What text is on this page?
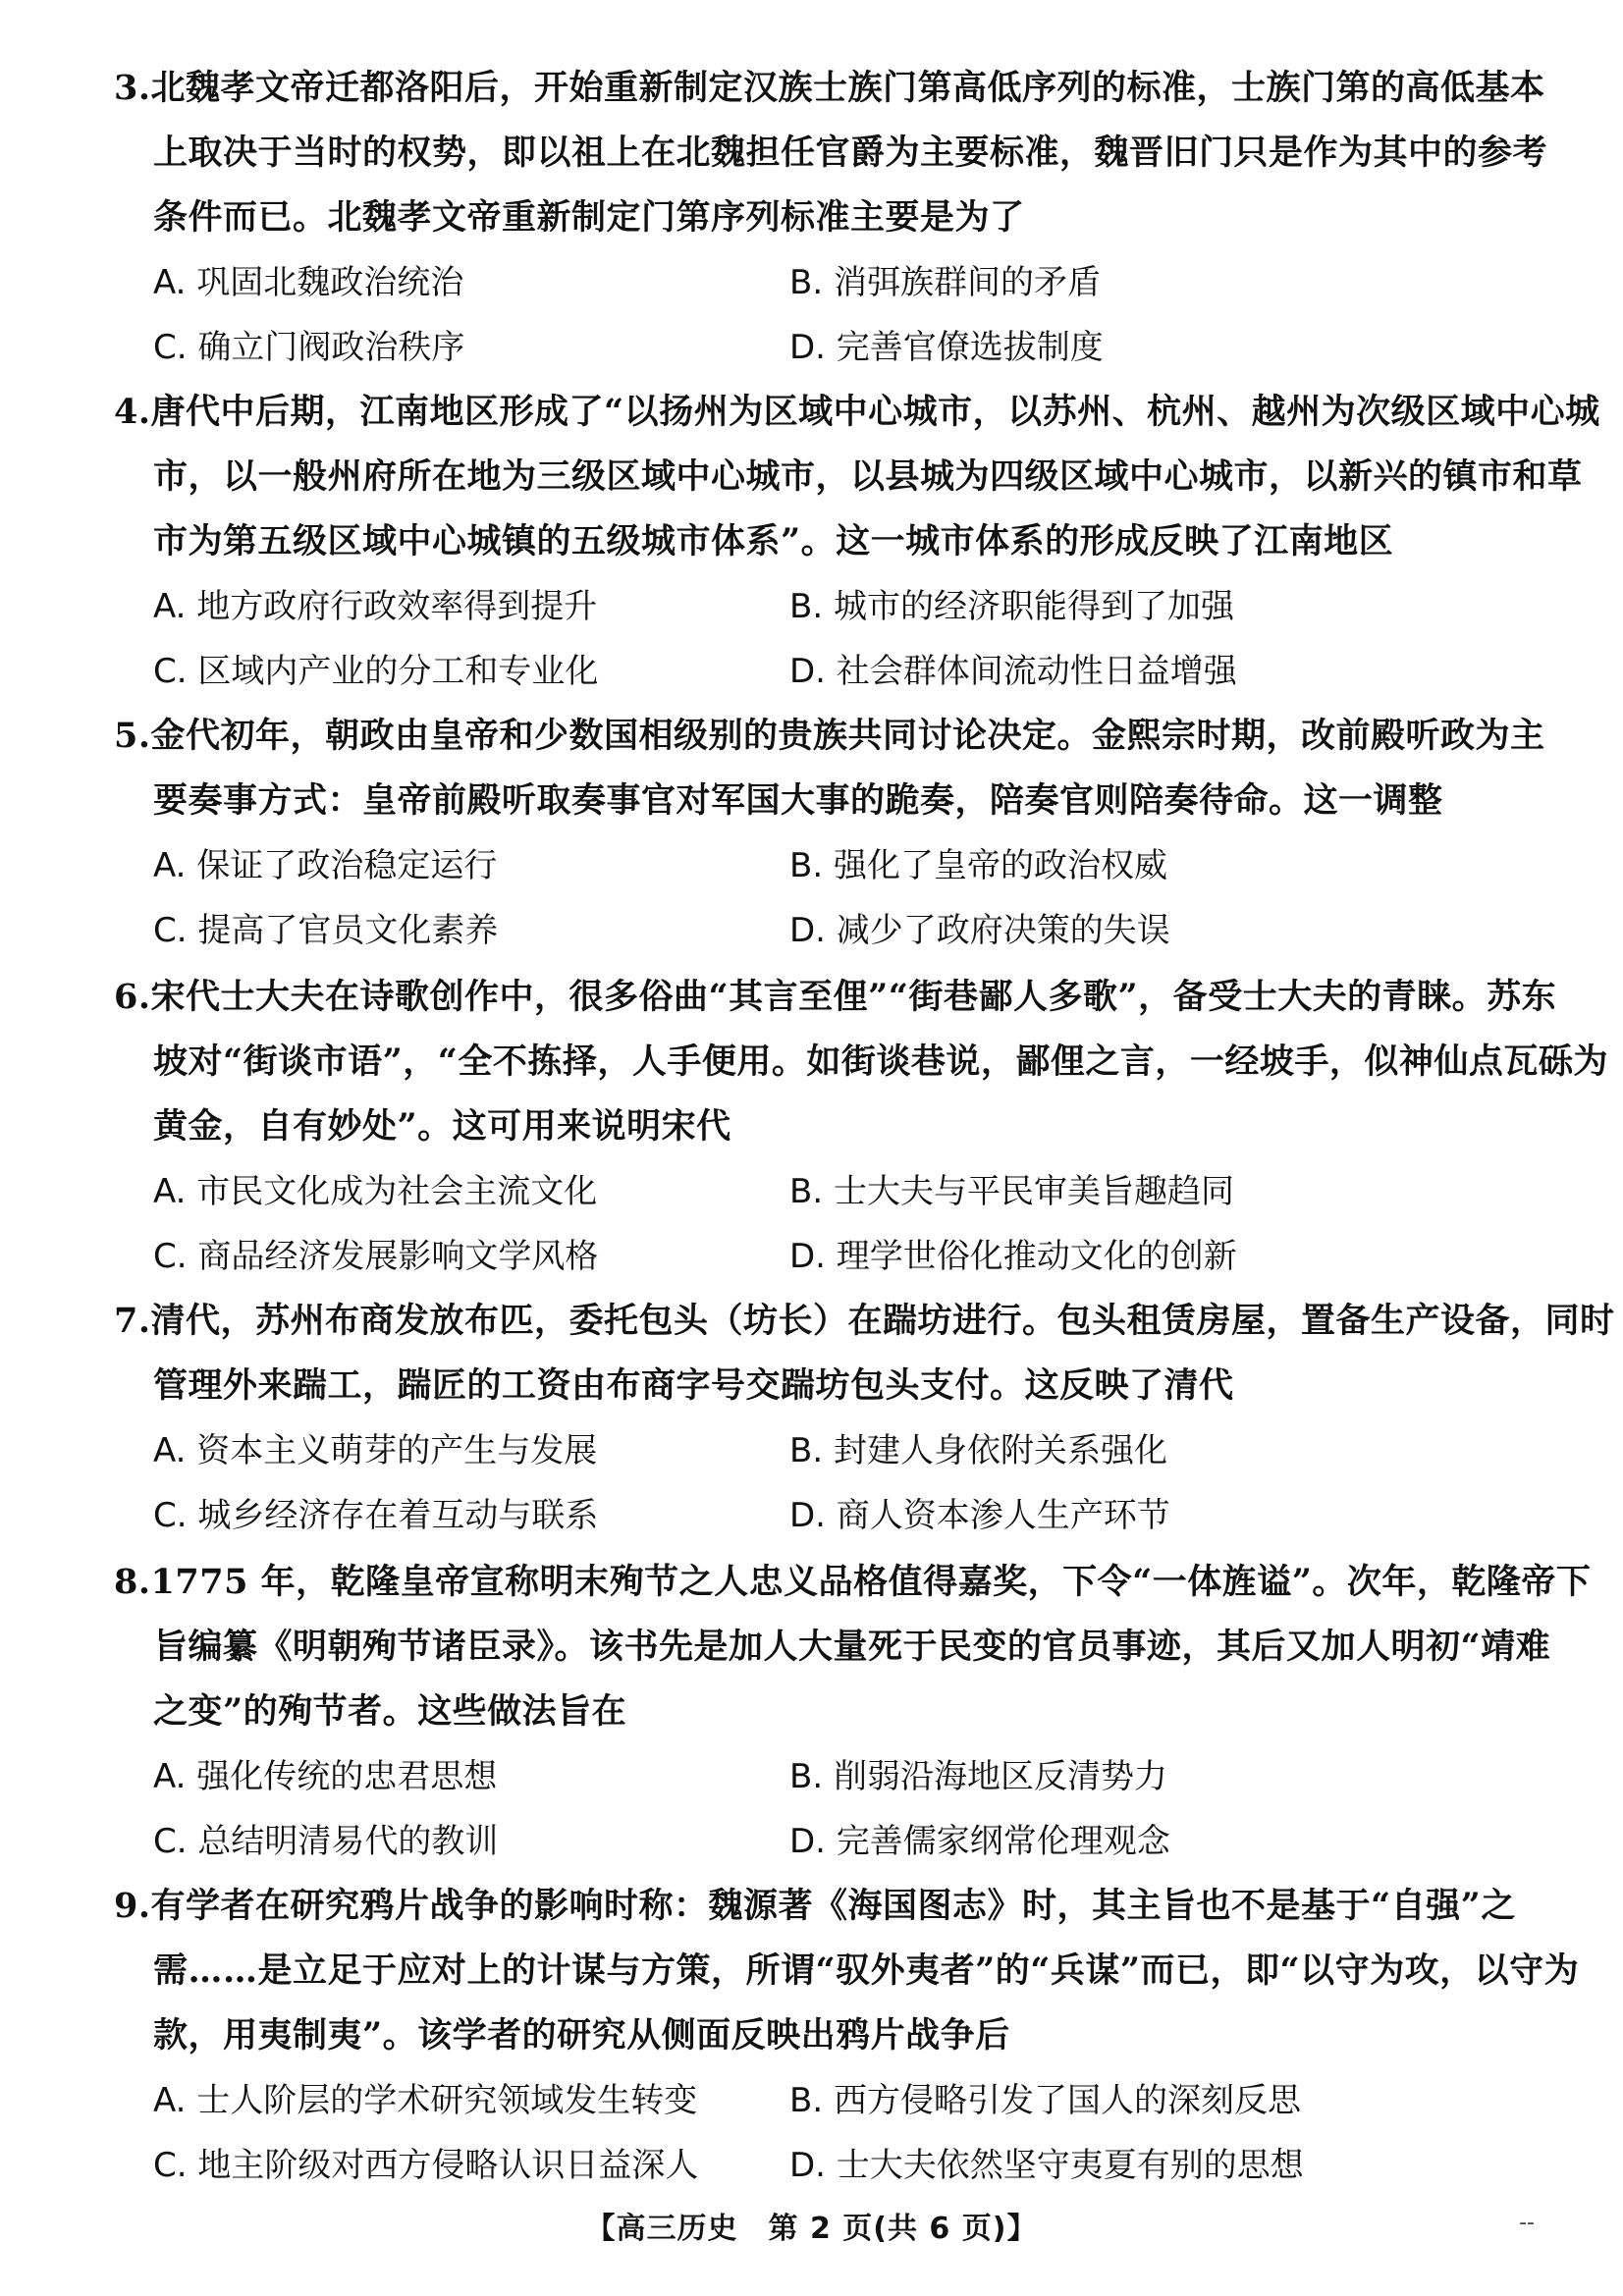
3.北魏孝文帝迁都洛阳后，开始重新制定汉族士族门第高低序列的标准，士族门第的高低基本
上取决于当时的权势，即以祖上在北魏担任官爵为主要标准，魏晋旧门只是作为其中的参考
条件而已。北魏孝文帝重新制定门第序列标准主要是为了

A. 巩固北魏政治统治	B. 消弭族群间的矛盾
C. 确立门阀政治秩序	D. 完善官僚选拔制度

4.唐代中后期，江南地区形成了“以扬州为区域中心城市，以苏州、杭州、越州为次级区域中心城
市，以一般州府所在地为三级区域中心城市，以县城为四级区域中心城市，以新兴的镇市和草
市为第五级区域中心城镇的五级城市体系”。这一城市体系的形成反映了江南地区

A. 地方政府行政效率得到提升	B. 城市的经济职能得到了加强
C. 区域内产业的分工和专业化	D. 社会群体间流动性日益增强

5.金代初年，朝政由皇帝和少数国相级别的贵族共同讨论决定。金熙宗时期，改前殿听政为主
要奏事方式：皇帝前殿听取奏事官对军国大事的跪奏，陪奏官则陪奏待命。这一调整

A. 保证了政治稳定运行	B. 强化了皇帝的政治权威
C. 提高了官员文化素养	D. 减少了政府决策的失误

6.宋代士大夫在诗歌创作中，很多俗曲“其言至俚”“街巷鄙人多歌”，备受士大夫的青睐。苏东
坡对“街谈市语”，“全不拣择，人手便用。如街谈巷说，鄙俚之言，一经坡手，似神仙点瓦砾为
黄金，自有妙处”。这可用来说明宋代

A. 市民文化成为社会主流文化	B. 士大夫与平民审美旨趣趋同
C. 商品经济发展影响文学风格	D. 理学世俗化推动文化的创新

7.清代，苏州布商发放布匹，委托包头（坊长）在踹坊进行。包头租赁房屋，置备生产设备，同时
管理外来踹工，踹匠的工资由布商字号交踹坊包头支付。这反映了清代

A. 资本主义萌芽的产生与发展	B. 封建人身依附关系强化
C. 城乡经济存在着互动与联系	D. 商人资本渗人生产环节

8.1775 年，乾隆皇帝宣称明末殉节之人忠义品格值得嘉奖，下令“一体旌谥”。次年，乾隆帝下
旨编纂《明朝殉节诸臣录》。该书先是加人大量死于民变的官员事迹，其后又加人明初“靖难
之变”的殉节者。这些做法旨在

A. 强化传统的忠君思想	B. 削弱沿海地区反清势力
C. 总结明清易代的教训	D. 完善儒家纲常伦理观念

9.有学者在研究鸦片战争的影响时称：魏源著《海国图志》时，其主旨也不是基于“自强”之
需……是立足于应对上的计谋与方策，所谓“驭外夷者”的“兵谋”而已，即“以守为攻，以守为
款，用夷制夷”。该学者的研究从侧面反映出鸦片战争后

A. 士人阶层的学术研究领域发生转变	B. 西方侵略引发了国人的深刻反思
C. 地主阶级对西方侵略认识日益深人	D. 士大夫依然坚守夷夏有别的思想
【高三历史　第 2 页(共 6 页)】	--
